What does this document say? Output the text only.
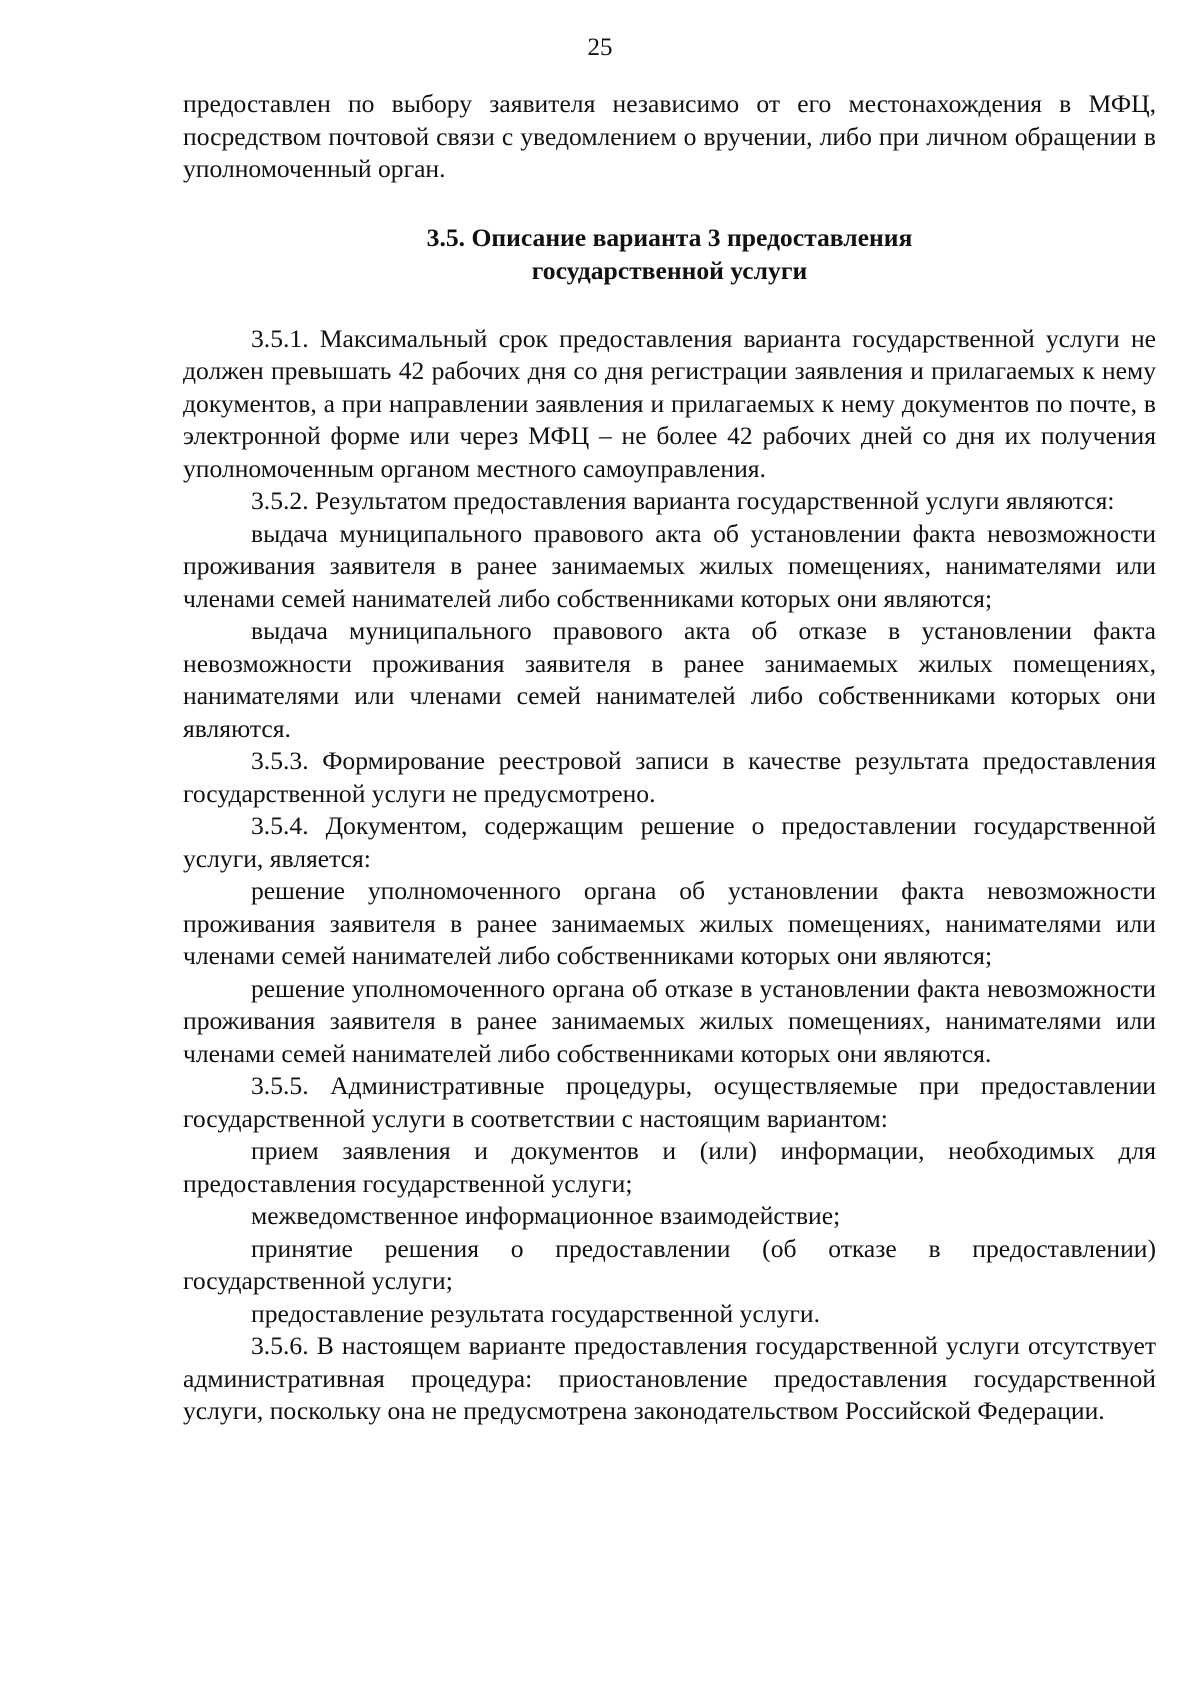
25

предоставлен по выбору заявителя независимо от его местонахождения в МФЦ, посредством почтовой связи с уведомлением о вручении, либо при личном обращении в уполномоченный орган.

3.5. Описание варианта 3 предоставления
государственной услуги

3.5.1. Максимальный срок предоставления варианта государственной услуги не должен превышать 42 рабочих дня со дня регистрации заявления и прилагаемых к нему документов, а при направлении заявления и прилагаемых к нему документов по почте, в электронной форме или через МФЦ – не более 42 рабочих дней со дня их получения уполномоченным органом местного самоуправления.

3.5.2. Результатом предоставления варианта государственной услуги являются:

выдача муниципального правового акта об установлении факта невозможности проживания заявителя в ранее занимаемых жилых помещениях, нанимателями или членами семей нанимателей либо собственниками которых они являются;

выдача муниципального правового акта об отказе в установлении факта невозможности проживания заявителя в ранее занимаемых жилых помещениях, нанимателями или членами семей нанимателей либо собственниками которых они являются.

3.5.3. Формирование реестровой записи в качестве результата предоставления государственной услуги не предусмотрено.

3.5.4. Документом, содержащим решение о предоставлении государственной услуги, является:

решение уполномоченного органа об установлении факта невозможности проживания заявителя в ранее занимаемых жилых помещениях, нанимателями или членами семей нанимателей либо собственниками которых они являются;

решение уполномоченного органа об отказе в установлении факта невозможности проживания заявителя в ранее занимаемых жилых помещениях, нанимателями или членами семей нанимателей либо собственниками которых они являются.

3.5.5. Административные процедуры, осуществляемые при предоставлении государственной услуги в соответствии с настоящим вариантом:

прием заявления и документов и (или) информации, необходимых для предоставления государственной услуги;

межведомственное информационное взаимодействие;

принятие решения о предоставлении (об отказе в предоставлении) государственной услуги;

предоставление результата государственной услуги.

3.5.6. В настоящем варианте предоставления государственной услуги отсутствует административная процедура: приостановление предоставления государственной услуги, поскольку она не предусмотрена законодательством Российской Федерации.
